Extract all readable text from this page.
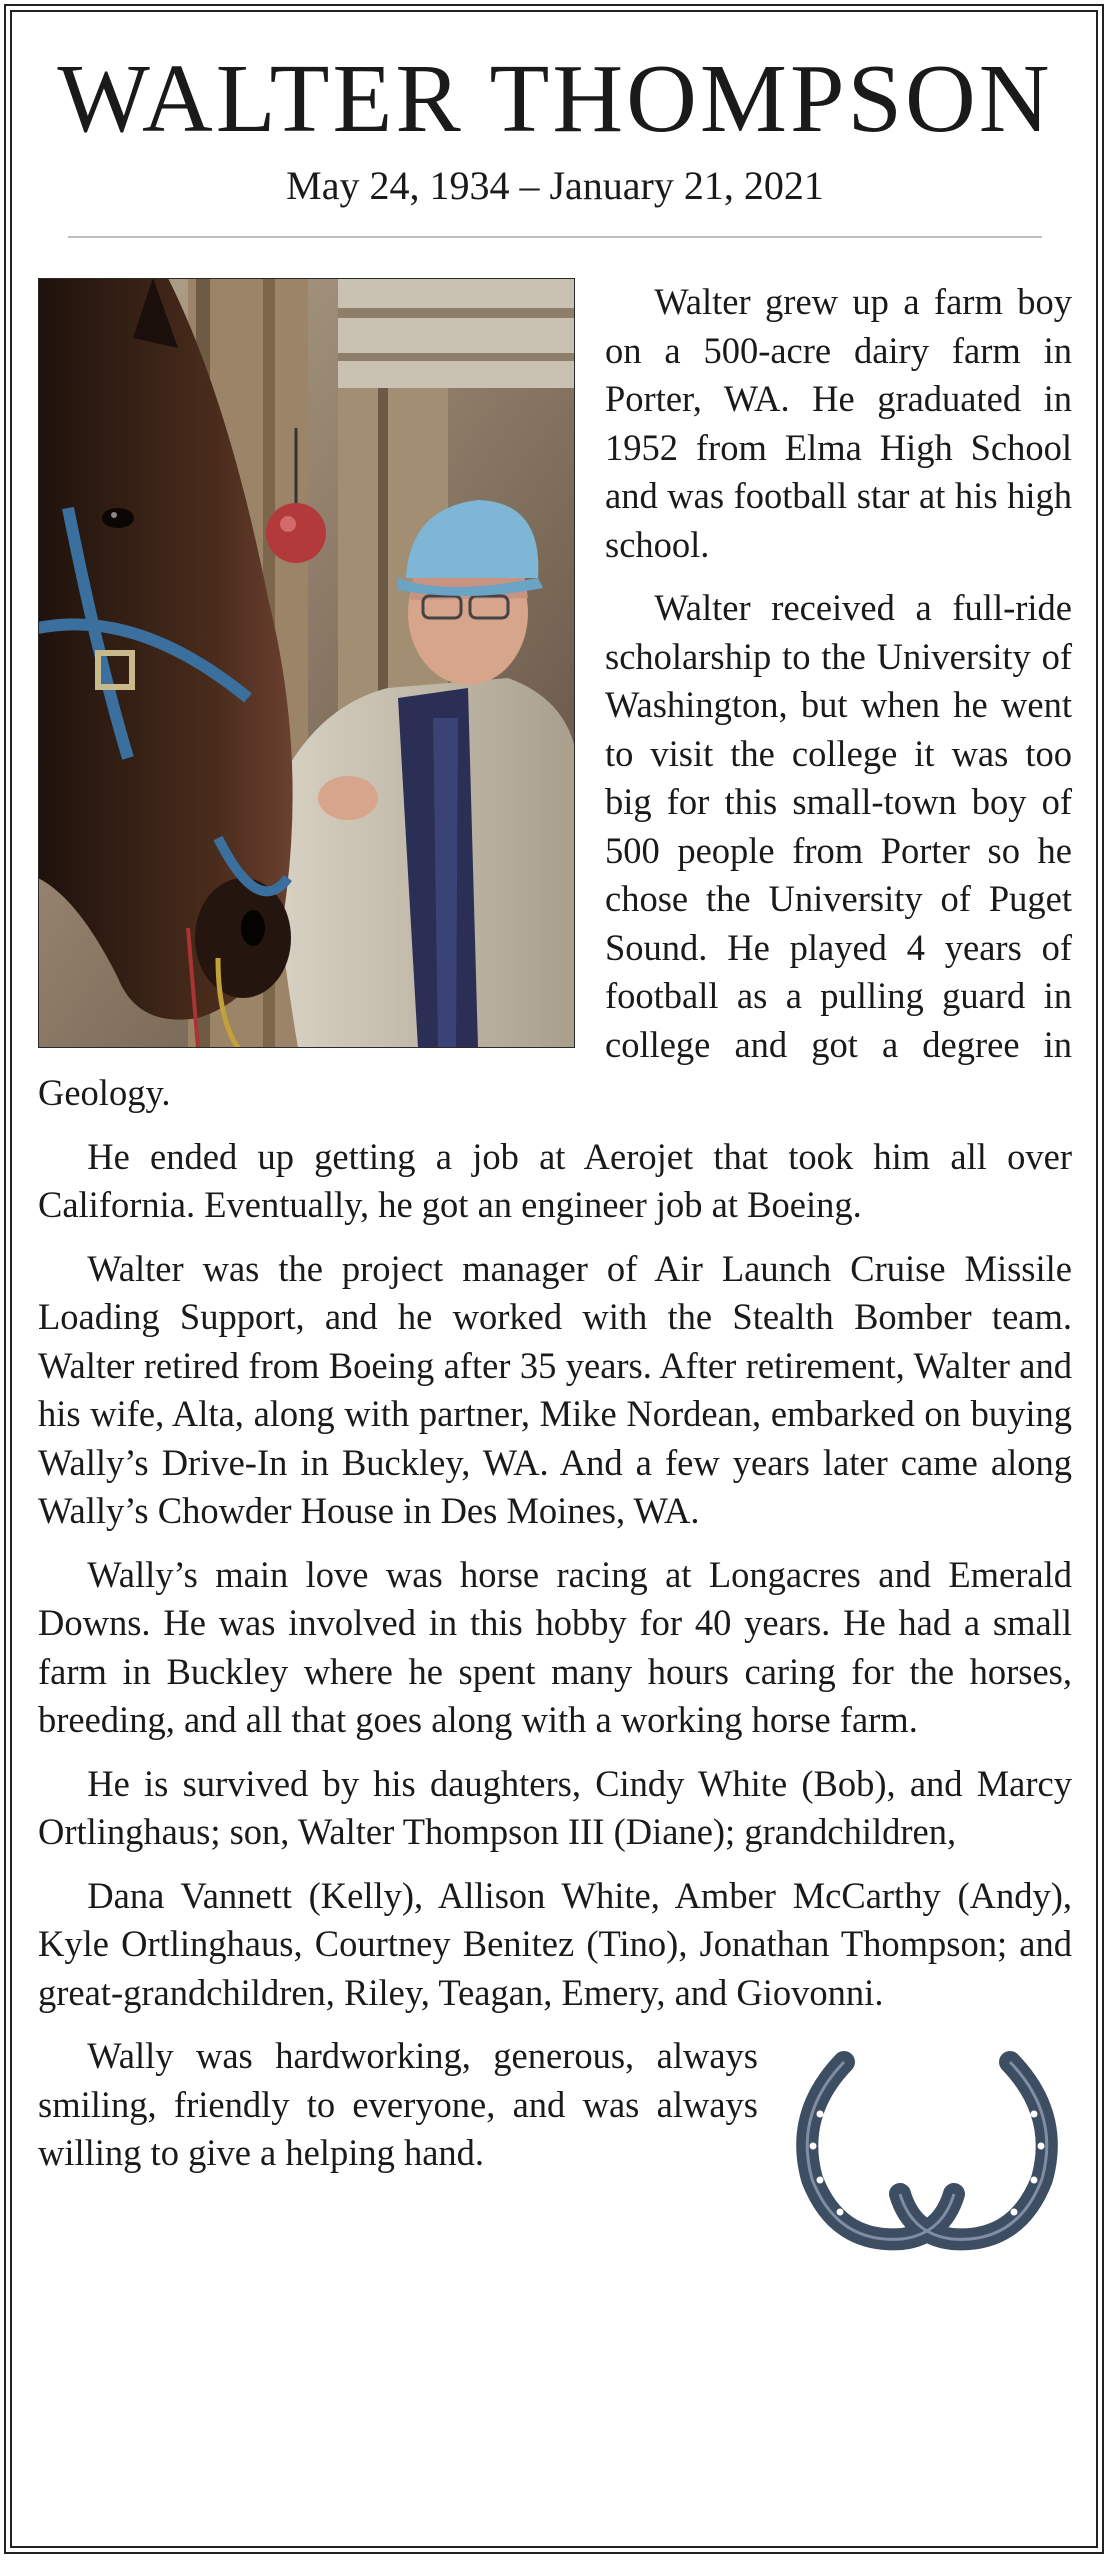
WALTER THOMPSON
May 24, 1934 – January 21, 2021

Walter grew up a farm boy on a 500-acre dairy farm in Porter, WA. He graduated in 1952 from Elma High School and was football star at his high school.

Walter received a full-ride scholarship to the University of Washington, but when he went to visit the college it was too big for this small-town boy of 500 people from Porter so he chose the University of Puget Sound. He played 4 years of football as a pulling guard in college and got a degree in Geology.

He ended up getting a job at Aerojet that took him all over California. Eventually, he got an engineer job at Boeing.

Walter was the project manager of Air Launch Cruise Missile Loading Support, and he worked with the Stealth Bomber team. Walter retired from Boeing after 35 years. After retirement, Walter and his wife, Alta, along with partner, Mike Nordean, embarked on buying Wally’s Drive-In in Buckley, WA. And a few years later came along Wally’s Chowder House in Des Moines, WA.

Wally’s main love was horse racing at Longacres and Emerald Downs. He was involved in this hobby for 40 years. He had a small farm in Buckley where he spent many hours caring for the horses, breeding, and all that goes along with a working horse farm.

He is survived by his daughters, Cindy White (Bob), and Marcy Ortlinghaus; son, Walter Thompson III (Diane); grandchildren,

Dana Vannett (Kelly), Allison White, Amber McCarthy (Andy), Kyle Ortlinghaus, Courtney Benitez (Tino), Jonathan Thompson; and great-grandchildren, Riley, Teagan, Emery, and Giovonni.

Wally was hardworking, generous, always smiling, friendly to everyone, and was always willing to give a helping hand.
